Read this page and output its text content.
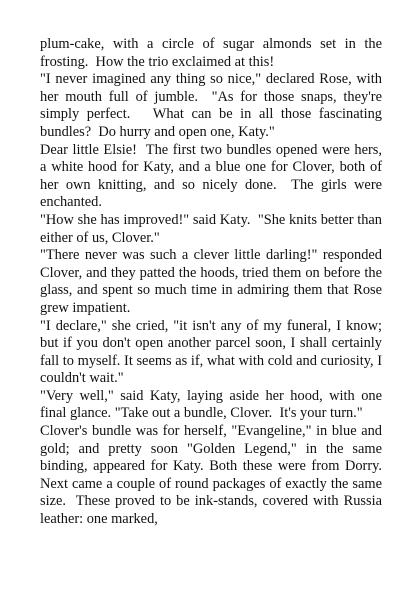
plum-cake, with a circle of sugar almonds set in the frosting.  How the trio exclaimed at this!

"I never imagined any thing so nice," declared Rose, with her mouth full of jumble.  "As for those snaps, they're simply perfect.   What can be in all those fascinating bundles?  Do hurry and open one, Katy."

Dear little Elsie!  The first two bundles opened were hers, a white hood for Katy, and a blue one for Clover, both of her own knitting, and so nicely done.  The girls were enchanted.

"How she has improved!" said Katy.  "She knits better than either of us, Clover."

"There never was such a clever little darling!" responded Clover, and they patted the hoods, tried them on before the glass, and spent so much time in admiring them that Rose grew impatient.

"I declare," she cried, "it isn't any of my funeral, I know; but if you don't open another parcel soon, I shall certainly fall to myself. It seems as if, what with cold and curiosity, I couldn't wait."

"Very well," said Katy, laying aside her hood, with one final glance. "Take out a bundle, Clover.  It's your turn."

Clover's bundle was for herself, "Evangeline," in blue and gold; and pretty soon "Golden Legend," in the same binding, appeared for Katy. Both these were from Dorry.  Next came a couple of round packages of exactly the same size.  These proved to be ink-stands, covered with Russia leather: one marked,
